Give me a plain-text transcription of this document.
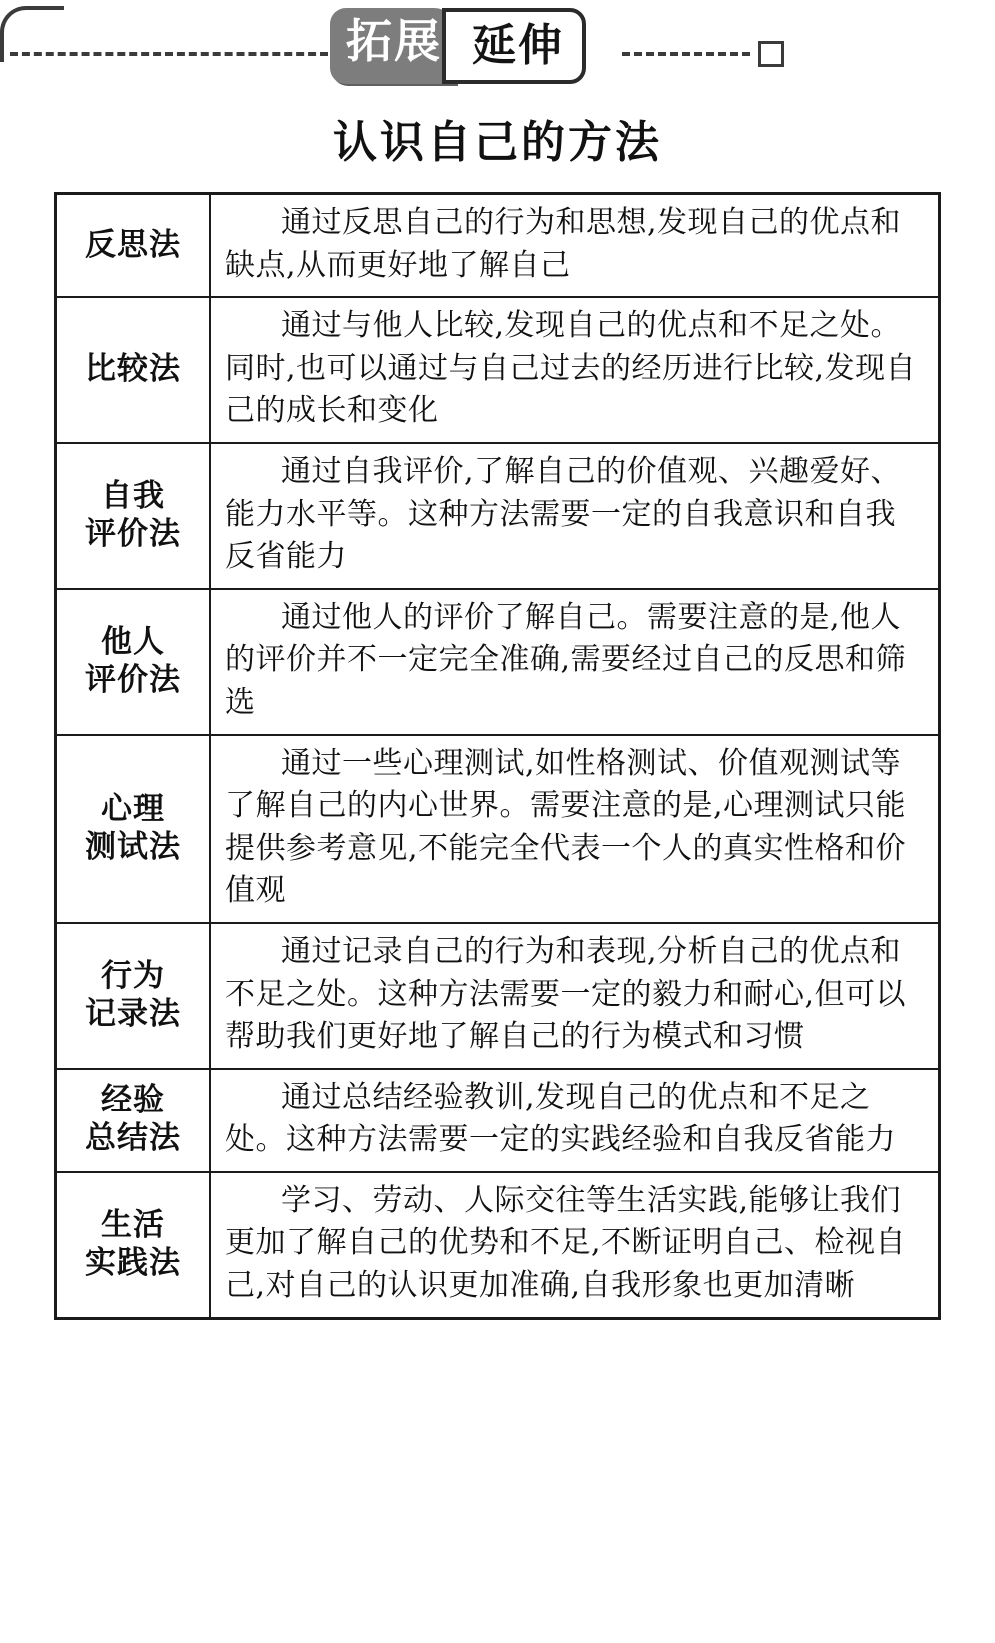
拓展 延伸
认识自己的方法
反思法	通过反思自己的行为和思想,发现自己的优点和缺点,从而更好地了解自己

比较法	通过与他人比较,发现自己的优点和不足之处。同时,也可以通过与自己过去的经历进行比较,发现自己的成长和变化

自我
评价法	通过自我评价,了解自己的价值观、兴趣爱好、能力水平等。这种方法需要一定的自我意识和自我反省能力

他人
评价法	通过他人的评价了解自己。需要注意的是,他人的评价并不一定完全准确,需要经过自己的反思和筛选

心理
测试法	通过一些心理测试,如性格测试、价值观测试等了解自己的内心世界。需要注意的是,心理测试只能提供参考意见,不能完全代表一个人的真实性格和价值观

行为
记录法	通过记录自己的行为和表现,分析自己的优点和不足之处。这种方法需要一定的毅力和耐心,但可以帮助我们更好地了解自己的行为模式和习惯

经验
总结法	通过总结经验教训,发现自己的优点和不足之处。这种方法需要一定的实践经验和自我反省能力

生活
实践法	学习、劳动、人际交往等生活实践,能够让我们更加了解自己的优势和不足,不断证明自己、检视自己,对自己的认识更加准确,自我形象也更加清晰
